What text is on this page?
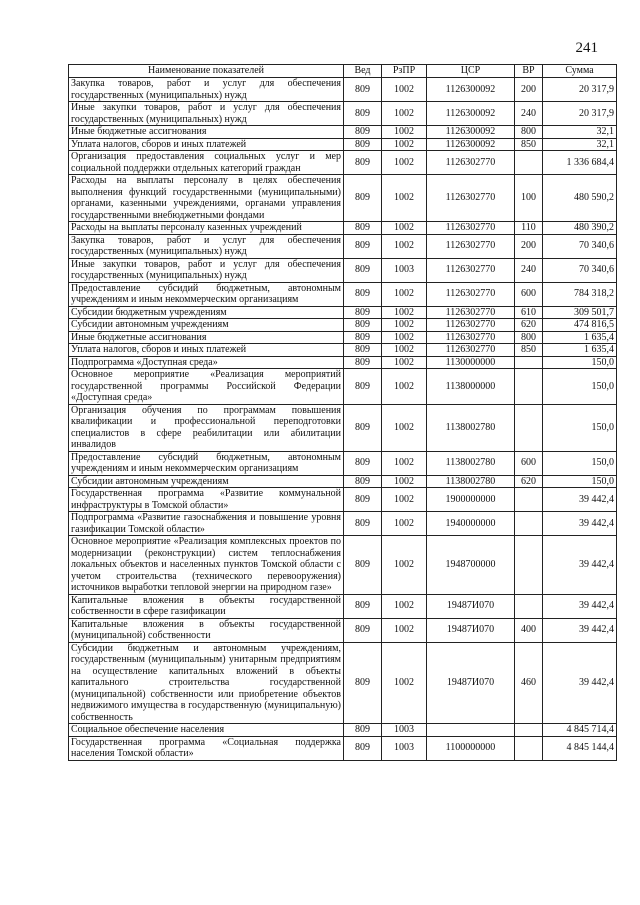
241
Наименование показателей	Вед	РзПР	ЦСР	ВР	Сумма
Закупка товаров, работ и услуг для обеспечения государственных (муниципальных) нужд	809	1002	1126300092	200	20 317,9
Иные закупки товаров, работ и услуг для обеспечения государственных (муниципальных) нужд	809	1002	1126300092	240	20 317,9
Иные бюджетные ассигнования	809	1002	1126300092	800	32,1
Уплата налогов, сборов и иных платежей	809	1002	1126300092	850	32,1
Организация предоставления социальных услуг и мер социальной поддержки отдельных категорий граждан	809	1002	1126302770		1 336 684,4
Расходы на выплаты персоналу в целях обеспечения выполнения функций государственными (муниципальными) органами, казенными учреждениями, органами управления государственными внебюджетными фондами	809	1002	1126302770	100	480 590,2
Расходы на выплаты персоналу казенных учреждений	809	1002	1126302770	110	480 390,2
Закупка товаров, работ и услуг для обеспечения государственных (муниципальных) нужд	809	1002	1126302770	200	70 340,6
Иные закупки товаров, работ и услуг для обеспечения государственных (муниципальных) нужд	809	1003	1126302770	240	70 340,6
Предоставление субсидий бюджетным, автономным учреждениям и иным некоммерческим организациям	809	1002	1126302770	600	784 318,2
Субсидии бюджетным учреждениям	809	1002	1126302770	610	309 501,7
Субсидии автономным учреждениям	809	1002	1126302770	620	474 816,5
Иные бюджетные ассигнования	809	1002	1126302770	800	1 635,4
Уплата налогов, сборов и иных платежей	809	1002	1126302770	850	1 635,4
Подпрограмма «Доступная среда»	809	1002	1130000000		150,0
Основное мероприятие «Реализация мероприятий государственной программы Российской Федерации «Доступная среда»	809	1002	1138000000		150,0
Организация обучения по программам повышения квалификации и профессиональной переподготовки специалистов в сфере реабилитации или абилитации инвалидов	809	1002	1138002780		150,0
Предоставление субсидий бюджетным, автономным учреждениям и иным некоммерческим организациям	809	1002	1138002780	600	150,0
Субсидии автономным учреждениям	809	1002	1138002780	620	150,0
Государственная программа «Развитие коммунальной инфраструктуры в Томской области»	809	1002	1900000000		39 442,4
Подпрограмма «Развитие газоснабжения и повышение уровня газификации Томской области»	809	1002	1940000000		39 442,4
Основное мероприятие «Реализация комплексных проектов по модернизации (реконструкции) систем теплоснабжения локальных объектов и населенных пунктов Томской области с учетом строительства (технического перевооружения) источников выработки тепловой энергии на природном газе»	809	1002	1948700000		39 442,4
Капитальные вложения в объекты государственной собственности в сфере газификации	809	1002	19487И070		39 442,4
Капитальные вложения в объекты государственной (муниципальной) собственности	809	1002	19487И070	400	39 442,4
Субсидии бюджетным и автономным учреждениям, государственным (муниципальным) унитарным предприятиям на осуществление капитальных вложений в объекты капитального строительства государственной (муниципальной) собственности или приобретение объектов недвижимого имущества в государственную (муниципальную) собственность	809	1002	19487И070	460	39 442,4
Социальное обеспечение населения	809	1003			4 845 714,4
Государственная программа «Социальная поддержка населения Томской области»	809	1003	1100000000		4 845 144,4
